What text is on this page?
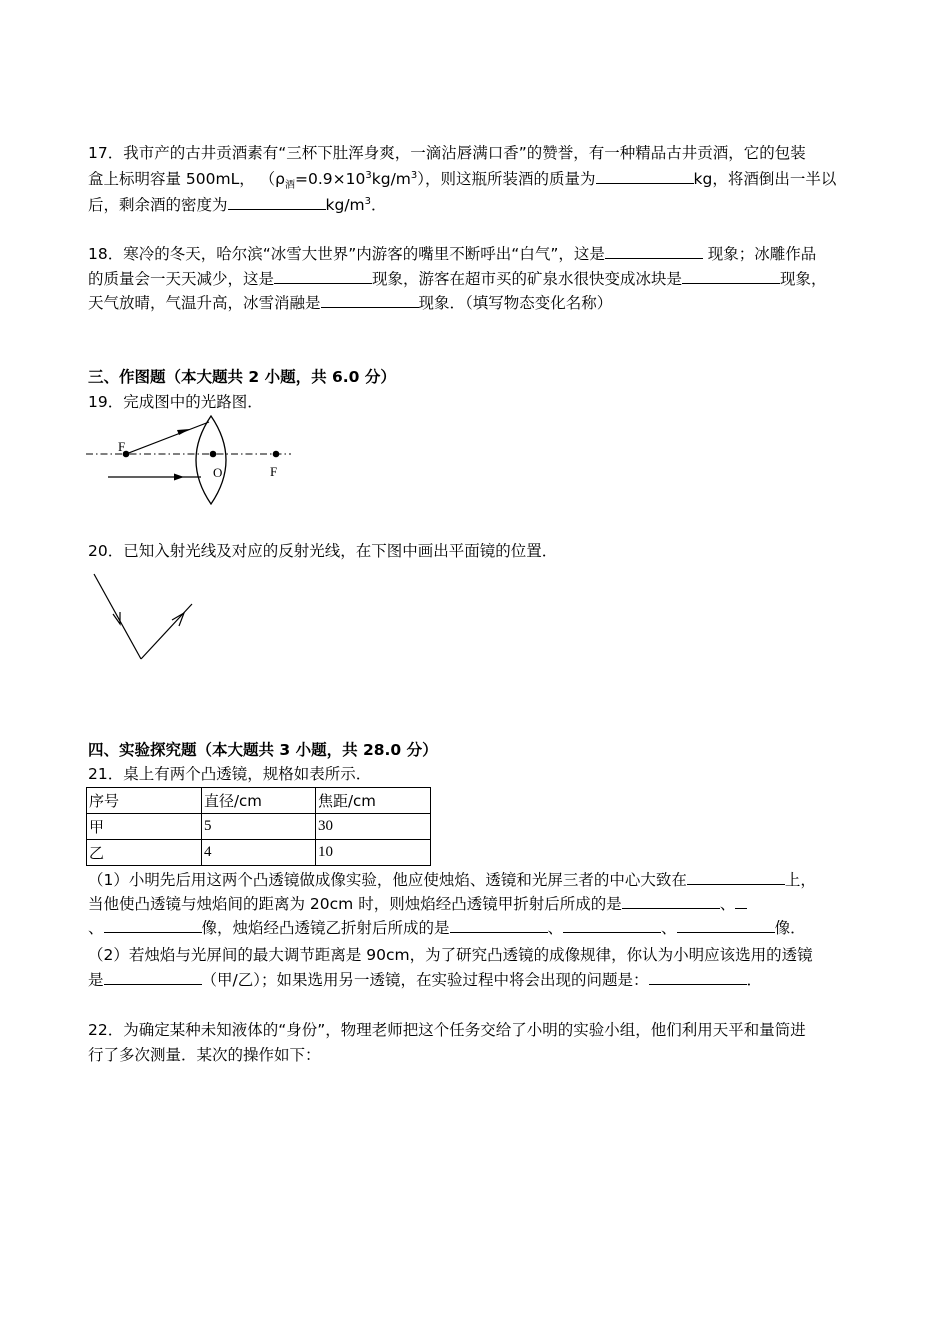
17．我市产的古井贡酒素有“三杯下肚浑身爽，一滴沾唇满口香”的赞誉，有一种精品古井贡酒，它的包装
盒上标明容量 500mL， $(\rho_酒=0.9\times 10^3kg/m^3)$，则这瓶所装酒的质量为	kg，将酒倒出一半以
后，剩余酒的密度为	$kg/m^3$．
18．寒冷的冬天，哈尔滨“冰雪大世界”内游客的嘴里不断呼出“白气”，这是	现象；冰雕作品
的质量会一天天减少，这是	现象，游客在超市买的矿泉水很快变成冰块是	现象，
天气放晴，气温升高，冰雪消融是	现象．（填写物态变化名称）
三、作图题（本大题共 2 小题，共 6.0 分）
19．完成图中的光路图．
F
O	F
20．已知入射光线及对应的反射光线，在下图中画出平面镜的位置．
四、实验探究题（本大题共 3 小题，共 28.0 分）
21．桌上有两个凸透镜，规格如表所示．
序号	直径/cm	焦距/cm
甲	5	30
乙	4	10
（1）小明先后用这两个凸透镜做成像实验，他应使烛焰、透镜和光屏三者的中心大致在	上，
当他使凸透镜与烛焰间的距离为 20cm 时，则烛焰经凸透镜甲折射后所成的是	、
、	像，烛焰经凸透镜乙折射后所成的是	、	、	像．
（2）若烛焰与光屏间的最大调节距离是 90cm，为了研究凸透镜的成像规律，你认为小明应该选用的透镜
是	（甲/乙）；如果选用另一透镜，在实验过程中将会出现的问题是：	．
22．为确定某种未知液体的“身份”，物理老师把这个任务交给了小明的实验小组，他们利用天平和量筒进
行了多次测量．某次的操作如下：
